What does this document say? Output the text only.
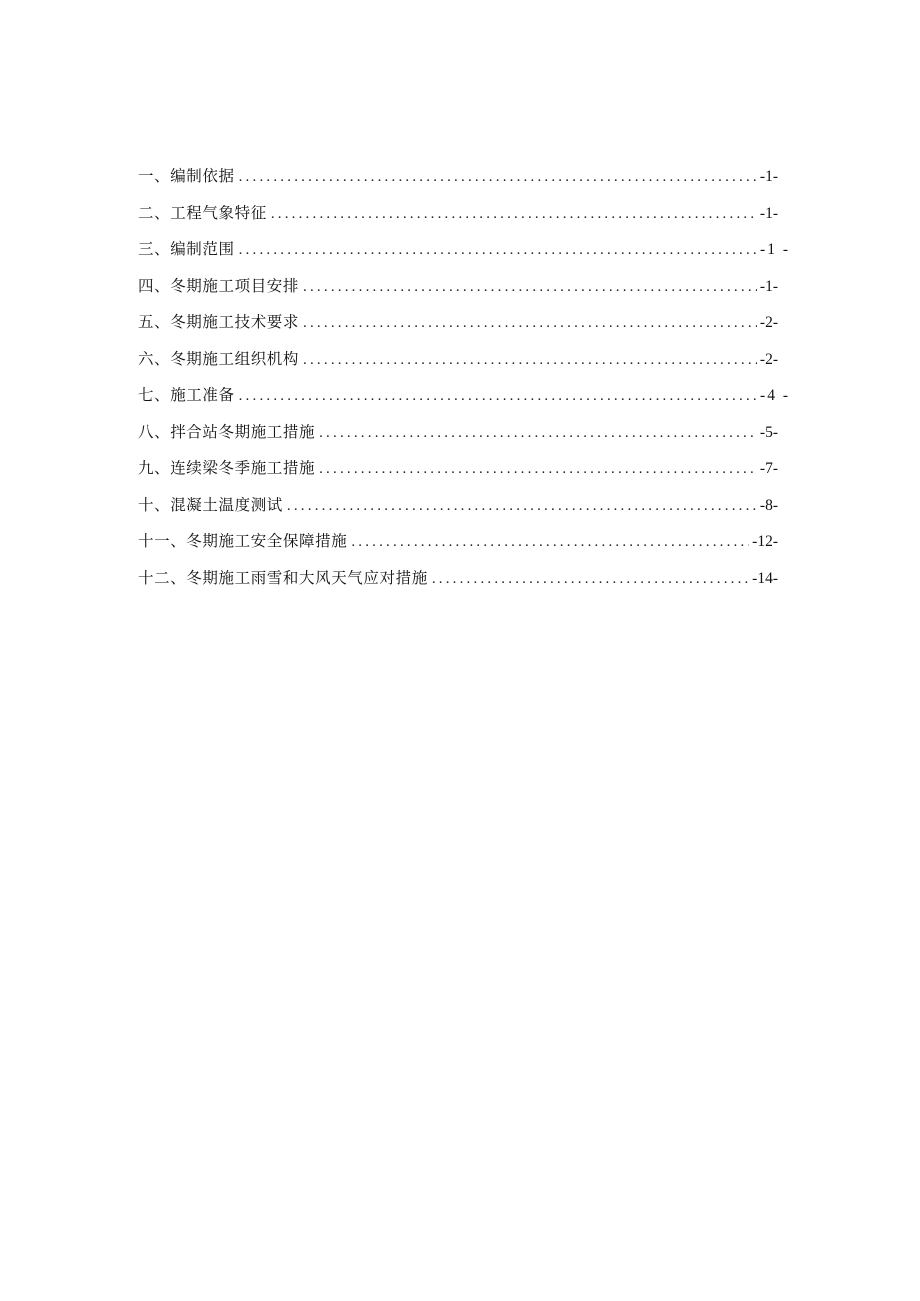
一、编制依据 .....	-1-
二、工程气象特征 .....	-1-
三、编制范围 .....	-1 -
四、冬期施工项目安排 .....	-1-
五、冬期施工技术要求 .....	-2-
六、冬期施工组织机构 .....	-2-
七、施工准备 .....	-4 -
八、拌合站冬期施工措施 .....	-5-
九、连续梁冬季施工措施 .....	-7-
十、混凝土温度测试 .....	-8-
十一、冬期施工安全保障措施 .....	-12-
十二、冬期施工雨雪和大风天气应对措施 .....	-14-
